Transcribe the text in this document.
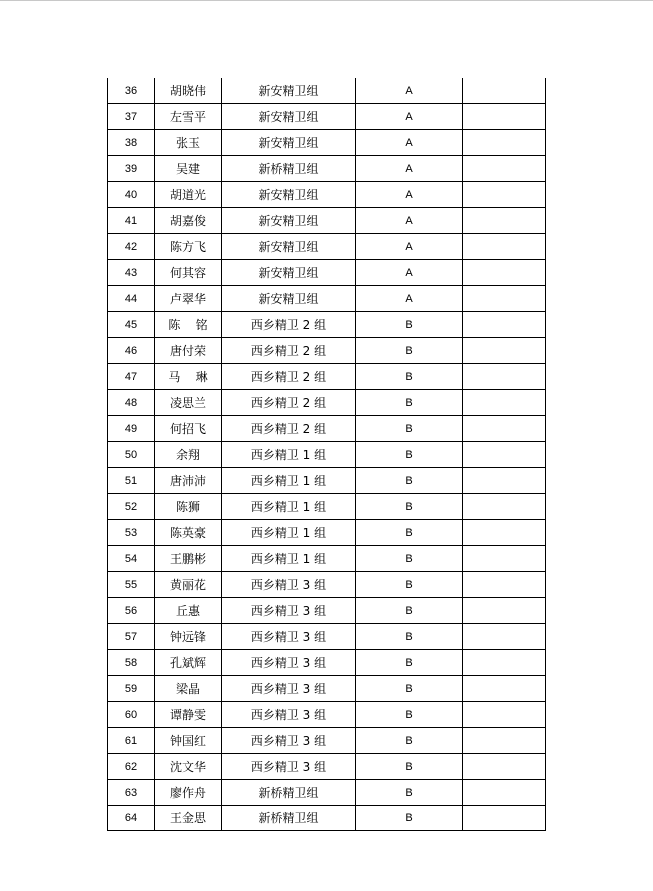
36	胡晓伟	新安精卫组	A	
37	左雪平	新安精卫组	A	
38	张玉	新安精卫组	A	
39	吴建	新桥精卫组	A	
40	胡道光	新安精卫组	A	
41	胡嘉俊	新安精卫组	A	
42	陈方飞	新安精卫组	A	
43	何其容	新安精卫组	A	
44	卢翠华	新安精卫组	A	
45	陈    铭	西乡精卫 2 组	B	
46	唐付荣	西乡精卫 2 组	B	
47	马    琳	西乡精卫 2 组	B	
48	凌思兰	西乡精卫 2 组	B	
49	何招飞	西乡精卫 2 组	B	
50	余翔	西乡精卫 1 组	B	
51	唐沛沛	西乡精卫 1 组	B	
52	陈狮	西乡精卫 1 组	B	
53	陈英豪	西乡精卫 1 组	B	
54	王鹏彬	西乡精卫 1 组	B	
55	黄丽花	西乡精卫 3 组	B	
56	丘惠	西乡精卫 3 组	B	
57	钟远锋	西乡精卫 3 组	B	
58	孔斌辉	西乡精卫 3 组	B	
59	梁晶	西乡精卫 3 组	B	
60	谭静雯	西乡精卫 3 组	B	
61	钟国红	西乡精卫 3 组	B	
62	沈文华	西乡精卫 3 组	B	
63	廖作舟	新桥精卫组	B	
64	王金思	新桥精卫组	B	
